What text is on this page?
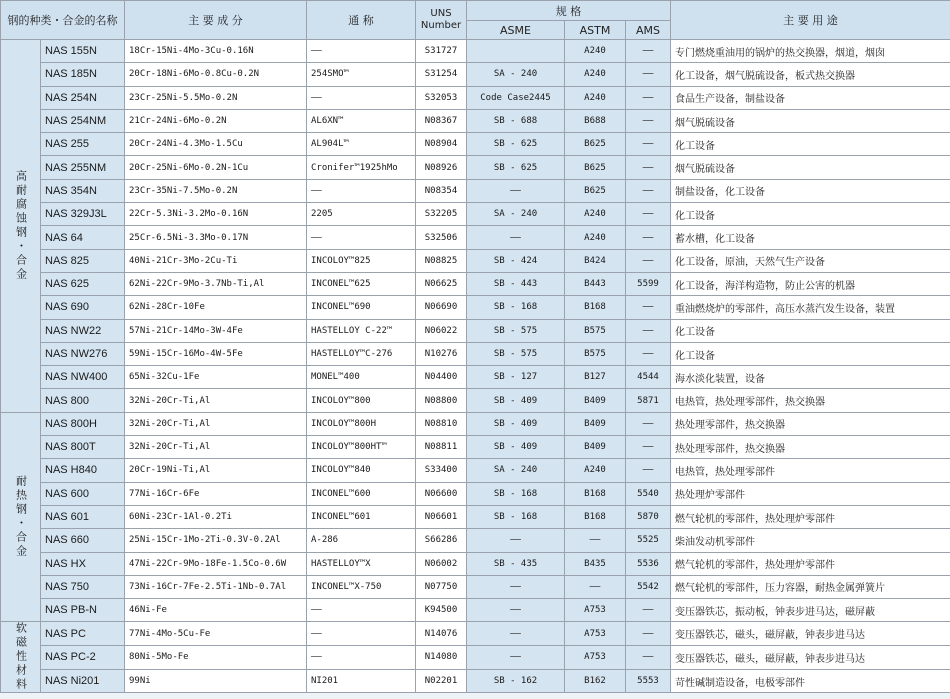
钢的种类・合金的名称		主 要 成 分	通 称	UNS Number	规 格			主 要 用 途
					ASME	ASTM	AMS	
高耐腐蚀钢・合金	NAS 155N	18Cr-15Ni-4Mo-3Cu-0.16N	——	S31727		A240	——	专门燃烧重油用的锅炉的热交换器，烟道，烟囱
	NAS 185N	20Cr-18Ni-6Mo-0.8Cu-0.2N	254SMO™	S31254	SA - 240	A240	——	化工设备，烟气脱硫设备，板式热交换器
	NAS 254N	23Cr-25Ni-5.5Mo-0.2N	——	S32053	Code Case2445	A240	——	食品生产设备，制盐设备
	NAS 254NM	21Cr-24Ni-6Mo-0.2N	AL6XN™	N08367	SB - 688	B688	——	烟气脱硫设备
	NAS 255	20Cr-24Ni-4.3Mo-1.5Cu	AL904L™	N08904	SB - 625	B625	——	化工设备
	NAS 255NM	20Cr-25Ni-6Mo-0.2N-1Cu	Cronifer™1925hMo	N08926	SB - 625	B625	——	烟气脱硫设备
	NAS 354N	23Cr-35Ni-7.5Mo-0.2N	——	N08354	——	B625	——	制盐设备，化工设备
	NAS 329J3L	22Cr-5.3Ni-3.2Mo-0.16N	2205	S32205	SA - 240	A240	——	化工设备
	NAS 64	25Cr-6.5Ni-3.3Mo-0.17N	——	S32506	——	A240	——	蓄水槽，化工设备
	NAS 825	40Ni-21Cr-3Mo-2Cu-Ti	INCOLOY™825	N08825	SB - 424	B424	——	化工设备，原油，天然气生产设备
	NAS 625	62Ni-22Cr-9Mo-3.7Nb-Ti,Al	INCONEL™625	N06625	SB - 443	B443	5599	化工设备，海洋构造物，防止公害的机器
	NAS 690	62Ni-28Cr-10Fe	INCONEL™690	N06690	SB - 168	B168	——	重油燃烧炉的零部件，高压水蒸汽发生设备，装置
	NAS NW22	57Ni-21Cr-14Mo-3W-4Fe	HASTELLOY C-22™	N06022	SB - 575	B575	——	化工设备
	NAS NW276	59Ni-15Cr-16Mo-4W-5Fe	HASTELLOY™C-276	N10276	SB - 575	B575	——	化工设备
	NAS NW400	65Ni-32Cu-1Fe	MONEL™400	N04400	SB - 127	B127	4544	海水淡化装置，设备
	NAS 800	32Ni-20Cr-Ti,Al	INCOLOY™800	N08800	SB - 409	B409	5871	电热管，热处理零部件，热交换器
耐热钢・合金	NAS 800H	32Ni-20Cr-Ti,Al	INCOLOY™800H	N08810	SB - 409	B409	——	热处理零部件，热交换器
	NAS 800T	32Ni-20Cr-Ti,Al	INCOLOY™800HT™	N08811	SB - 409	B409	——	热处理零部件，热交换器
	NAS H840	20Cr-19Ni-Ti,Al	INCOLOY™840	S33400	SA - 240	A240	——	电热管，热处理零部件
	NAS 600	77Ni-16Cr-6Fe	INCONEL™600	N06600	SB - 168	B168	5540	热处理炉零部件
	NAS 601	60Ni-23Cr-1Al-0.2Ti	INCONEL™601	N06601	SB - 168	B168	5870	燃气轮机的零部件，热处理炉零部件
	NAS 660	25Ni-15Cr-1Mo-2Ti-0.3V-0.2Al	A-286	S66286	——	——	5525	柴油发动机零部件
	NAS HX	47Ni-22Cr-9Mo-18Fe-1.5Co-0.6W	HASTELLOY™X	N06002	SB - 435	B435	5536	燃气轮机的零部件，热处理炉零部件
	NAS 750	73Ni-16Cr-7Fe-2.5Ti-1Nb-0.7Al	INCONEL™X-750	N07750	——	——	5542	燃气轮机的零部件，压力容器，耐热金属弹簧片
	NAS PB-N	46Ni-Fe	——	K94500	——	A753	——	变压器铁芯，振动板，钟表步进马达，磁屏蔽
软磁性材料	NAS PC	77Ni-4Mo-5Cu-Fe	——	N14076	——	A753	——	变压器铁芯，磁头，磁屏蔽，钟表步进马达
	NAS PC-2	80Ni-5Mo-Fe	——	N14080	——	A753	——	变压器铁芯，磁头，磁屏蔽，钟表步进马达
	NAS Ni201	99Ni	NI201	N02201	SB - 162	B162	5553	苛性碱制造设备，电极零部件
